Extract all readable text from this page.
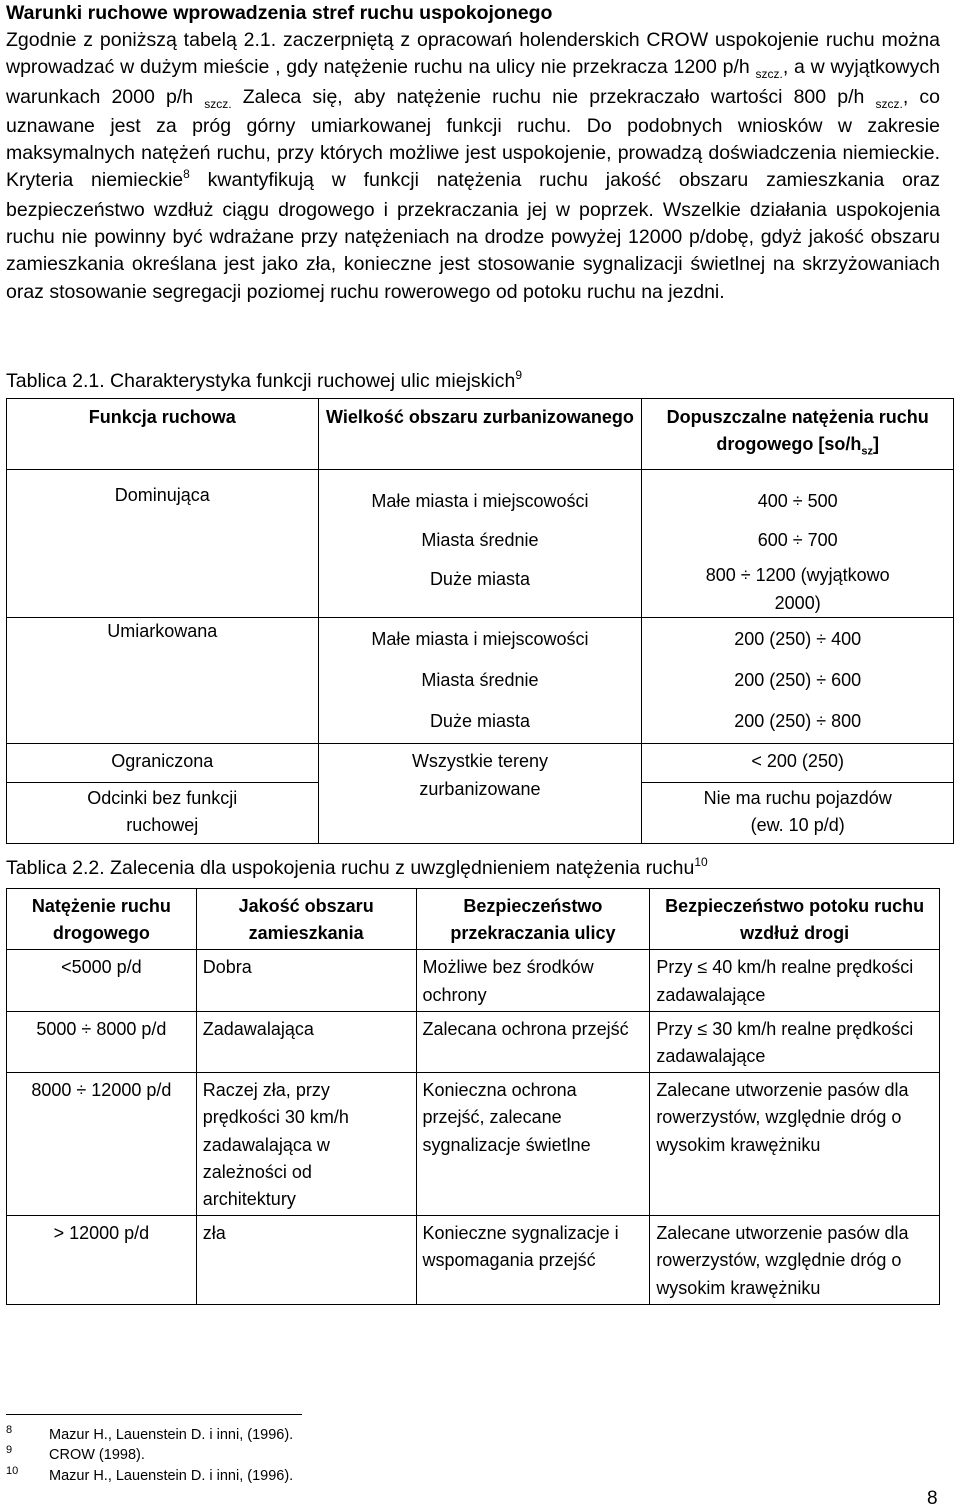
Warunki ruchowe wprowadzenia stref ruchu uspokojonego
Zgodnie z poniższą tabelą 2.1. zaczerpniętą z opracowań holenderskich CROW uspokojenie ruchu można wprowadzać w dużym mieście , gdy natężenie ruchu na ulicy nie przekracza 1200 p/h $_{szcz.}$, a w wyjątkowych warunkach 2000 p/h $_{szcz.}$ Zaleca się, aby natężenie ruchu nie przekraczało wartości 800 p/h $_{szcz.}$, co uznawane jest za próg górny umiarkowanej funkcji ruchu. Do podobnych wniosków w zakresie maksymalnych natężeń ruchu, przy których możliwe jest uspokojenie, prowadzą doświadczenia niemieckie. Kryteria niemieckie$^8$ kwantyfikują w funkcji natężenia ruchu jakość obszaru zamieszkania oraz bezpieczeństwo wzdłuż ciągu drogowego i przekraczania jej w poprzek. Wszelkie działania uspokojenia ruchu nie powinny być wdrażane przy natężeniach na drodze powyżej 12000 p/dobę, gdyż jakość obszaru zamieszkania określana jest jako zła, konieczne jest stosowanie sygnalizacji świetlnej na skrzyżowaniach oraz stosowanie segregacji poziomej ruchu rowerowego od potoku ruchu na jezdni.
Tablica 2.1. Charakterystyka funkcji ruchowej ulic miejskich$^9$
Funkcja ruchowa	Wielkość obszaru zurbanizowanego	Dopuszczalne natężenia ruchu drogowego $[so/h_{sz}]$
Dominująca	Małe miasta i miejscowości	400 ÷ 500
	Miasta średnie	600 ÷ 700
	Duże miasta	800 ÷ 1200 (wyjątkowo 2000)
Umiarkowana	Małe miasta i miejscowości	200 (250) ÷ 400
	Miasta średnie	200 (250) ÷ 600
	Duże miasta	200 (250) ÷ 800
Ograniczona	Wszystkie tereny zurbanizowane	< 200 (250)
Odcinki bez funkcji ruchowej		Nie ma ruchu pojazdów (ew. 10 p/d)
Tablica 2.2. Zalecenia dla uspokojenia ruchu z uwzględnieniem natężenia ruchu$^{10}$
Natężenie ruchu drogowego	Jakość obszaru zamieszkania	Bezpieczeństwo przekraczania ulicy	Bezpieczeństwo potoku ruchu wzdłuż drogi
<5000 p/d	Dobra	Możliwe bez środków ochrony	Przy ≤ 40 km/h realne prędkości zadawalające
5000 ÷ 8000 p/d	Zadawalająca	Zalecana ochrona przejść	Przy ≤ 30 km/h realne prędkości zadawalające
8000 ÷ 12000 p/d	Raczej zła, przy prędkości 30 km/h zadawalająca w zależności od architektury	Konieczna ochrona przejść, zalecane sygnalizacje świetlne	Zalecane utworzenie pasów dla rowerzystów, względnie dróg o wysokim krawężniku
> 12000 p/d	zła	Konieczne sygnalizacje i wspomagania przejść	Zalecane utworzenie pasów dla rowerzystów, względnie dróg o wysokim krawężniku
8	Mazur H., Lauenstein D. i inni, (1996).
9	CROW (1998).
10 Mazur H., Lauenstein D. i inni, (1996).
8
